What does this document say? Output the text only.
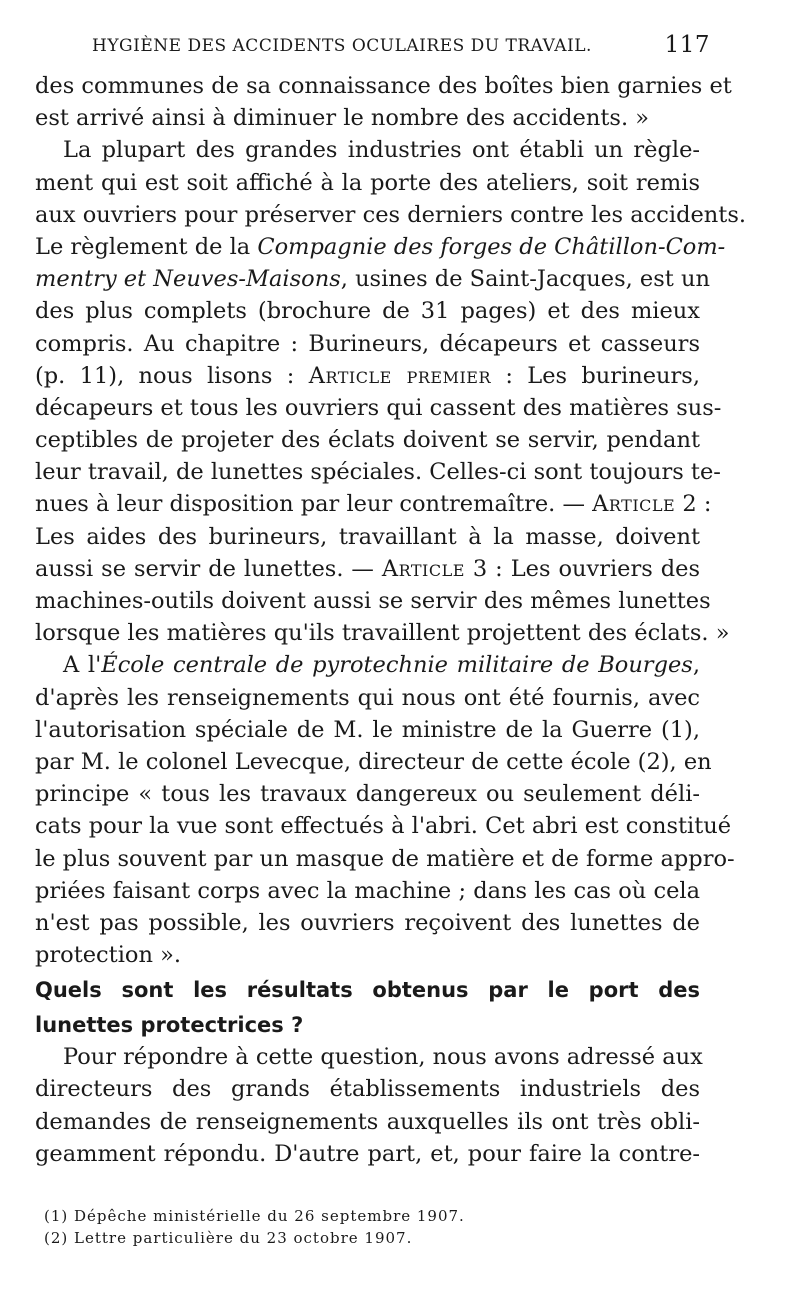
HYGIÈNE DES ACCIDENTS OCULAIRES DU TRAVAIL.	117
des communes de sa connaissance des boîtes bien garnies et
est arrivé ainsi à diminuer le nombre des accidents. »
La plupart des grandes industries ont établi un règle-
ment qui est soit affiché à la porte des ateliers, soit remis
aux ouvriers pour préserver ces derniers contre les accidents.
Le règlement de la Compagnie des forges de Châtillon-Com-
mentry et Neuves-Maisons, usines de Saint-Jacques, est un
des plus complets (brochure de 31 pages) et des mieux
compris. Au chapitre : Burineurs, décapeurs et casseurs
(p. 11), nous lisons : Article premier : Les burineurs,
décapeurs et tous les ouvriers qui cassent des matières sus-
ceptibles de projeter des éclats doivent se servir, pendant
leur travail, de lunettes spéciales. Celles-ci sont toujours te-
nues à leur disposition par leur contremaître. — Article 2 :
Les aides des burineurs, travaillant à la masse, doivent
aussi se servir de lunettes. — Article 3 : Les ouvriers des
machines-outils doivent aussi se servir des mêmes lunettes
lorsque les matières qu'ils travaillent projettent des éclats. »
A l'École centrale de pyrotechnie militaire de Bourges,
d'après les renseignements qui nous ont été fournis, avec
l'autorisation spéciale de M. le ministre de la Guerre (1),
par M. le colonel Levecque, directeur de cette école (2), en
principe « tous les travaux dangereux ou seulement déli-
cats pour la vue sont effectués à l'abri. Cet abri est constitué
le plus souvent par un masque de matière et de forme appro-
priées faisant corps avec la machine ; dans les cas où cela
n'est pas possible, les ouvriers reçoivent des lunettes de
protection ».
Quels sont les résultats obtenus par le port des
lunettes protectrices ?
Pour répondre à cette question, nous avons adressé aux
directeurs des grands établissements industriels des
demandes de renseignements auxquelles ils ont très obli-
geamment répondu. D'autre part, et, pour faire la contre-
(1) Dépêche ministérielle du 26 septembre 1907.
(2) Lettre particulière du 23 octobre 1907.
